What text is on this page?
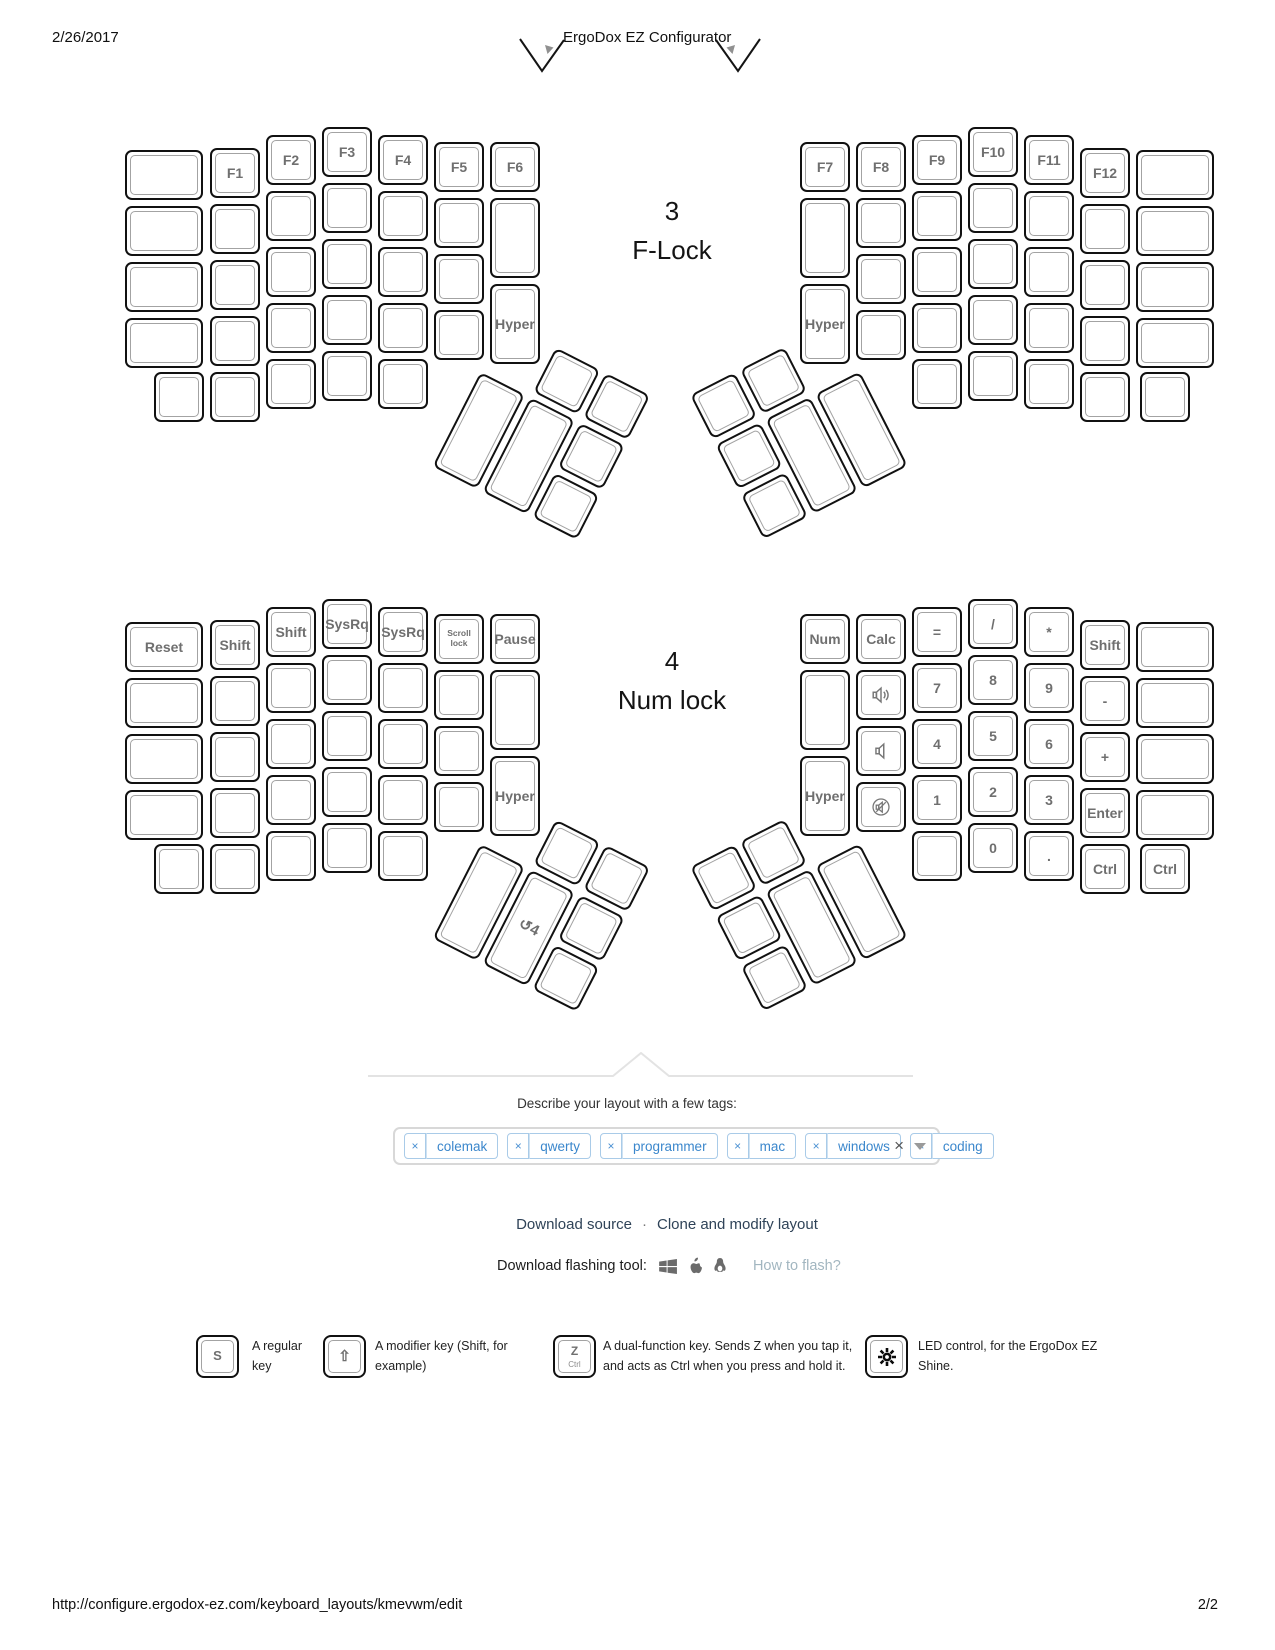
2/26/2017	ErgoDox EZ Configurator
3
F-Lock
F1
F2	F3	F4	F5	F6
Hyper
F7
Hyper
F8	F9	F10	F11
F12
4
Num lock
Reset	Shift
Shift	SysRq SysRq	Scroll lock	Pause
Hyper
Num
Hyper
Calc	=
7
4
1
/
8
5
2
0
*
9
6
3
.
Shift
-
+
Enter
Ctrl	Ctrl
↺4
Describe your layout with a few tags:
×	colemak	×	qwerty	×	programmer	×	mac	×	windows	×	coding
×
Download source · Clone and modify layout
Download flashing tool:	How to flash?
S
A regular
key
⇧
A modifier key (Shift, for
example)
Z
Ctrl
A dual-function key. Sends Z when you tap it,
and acts as Ctrl when you press and hold it.
LED control, for the ErgoDox EZ
Shine.
http://configure.ergodox-ez.com/keyboard_layouts/kmevwm/edit	2/2
